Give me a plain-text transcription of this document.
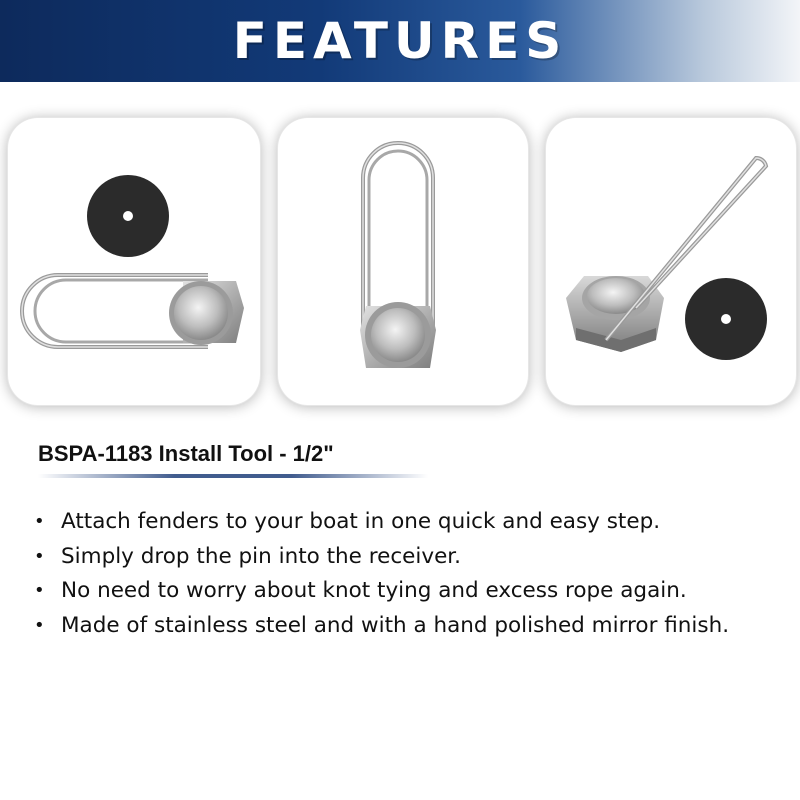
FEATURES
BSPA-1183 Install Tool - 1/2"
• Attach fenders to your boat in one quick and easy step.
• Simply drop the pin into the receiver.
• No need to worry about knot tying and excess rope again.
• Made of stainless steel and with a hand polished mirror finish.
